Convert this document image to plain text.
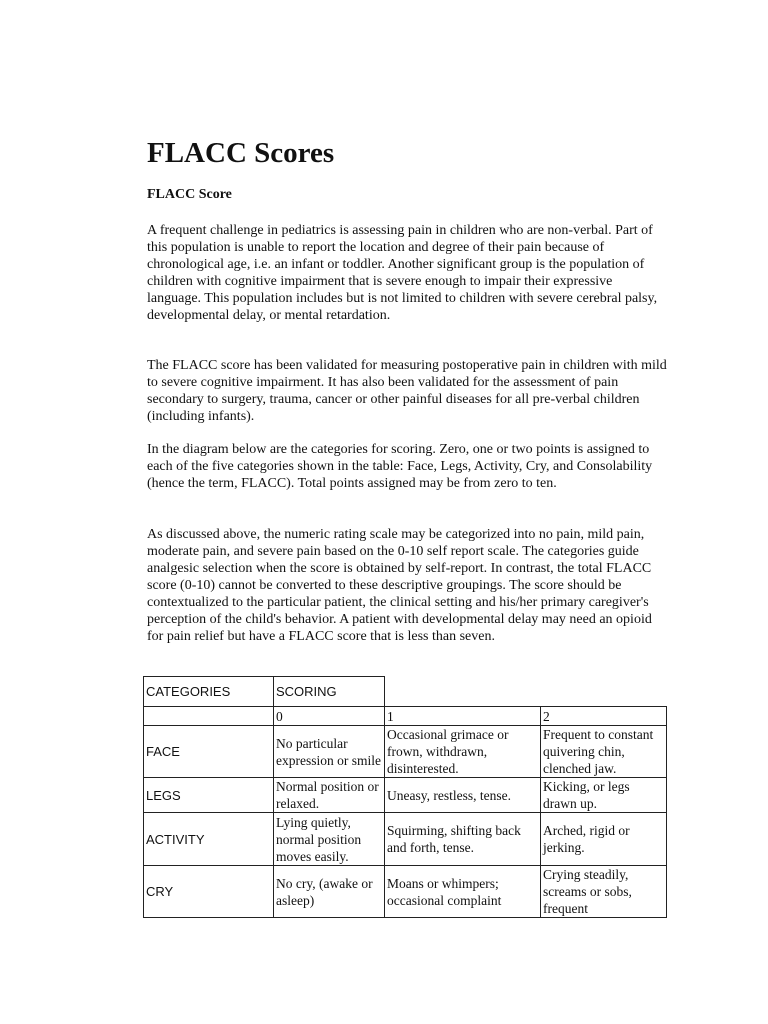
FLACC Scores
FLACC Score

A frequent challenge in pediatrics is assessing pain in children who are non-verbal. Part of this population is unable to report the location and degree of their pain because of chronological age, i.e. an infant or toddler. Another significant group is the population of children with cognitive impairment that is severe enough to impair their expressive language. This population includes but is not limited to children with severe cerebral palsy, developmental delay, or mental retardation.

The FLACC score has been validated for measuring postoperative pain in children with mild to severe cognitive impairment. It has also been validated for the assessment of pain secondary to surgery, trauma, cancer or other painful diseases for all pre-verbal children (including infants).

In the diagram below are the categories for scoring. Zero, one or two points is assigned to each of the five categories shown in the table: Face, Legs, Activity, Cry, and Consolability (hence the term, FLACC). Total points assigned may be from zero to ten.

As discussed above, the numeric rating scale may be categorized into no pain, mild pain, moderate pain, and severe pain based on the 0-10 self report scale. The categories guide analgesic selection when the score is obtained by self-report. In contrast, the total FLACC score (0-10) cannot be converted to these descriptive groupings. The score should be contextualized to the particular patient, the clinical setting and his/her primary caregiver's perception of the child's behavior. A patient with developmental delay may need an opioid for pain relief but have a FLACC score that is less than seven.

CATEGORIES	SCORING		
	0	1	2
FACE	No particular expression or smile	Occasional grimace or frown, withdrawn, disinterested.	Frequent to constant quivering chin, clenched jaw.
LEGS	Normal position or relaxed.	Uneasy, restless, tense.	Kicking, or legs drawn up.
ACTIVITY	Lying quietly, normal position moves easily.	Squirming, shifting back and forth, tense.	Arched, rigid or jerking.
CRY	No cry, (awake or asleep)	Moans or whimpers; occasional complaint	Crying steadily, screams or sobs, frequent
